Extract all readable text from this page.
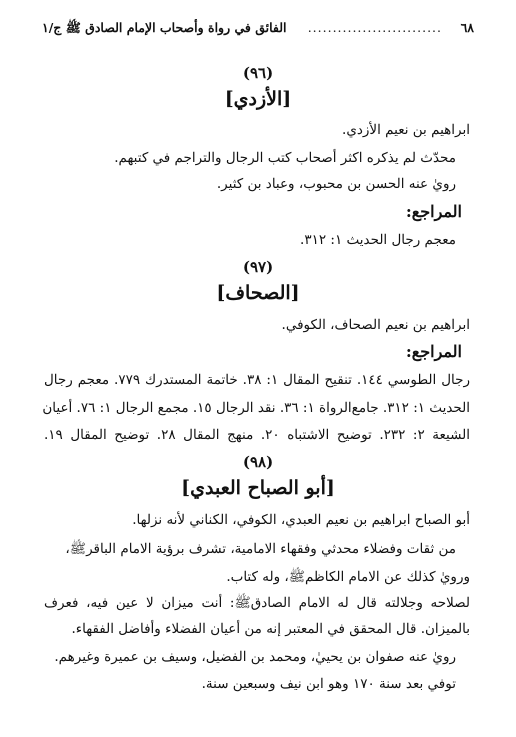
٦٨
...........................
الفائق في رواة وأصحاب الإمام الصادق ﷺ ج/١
(٩٦)
[الأزدي]
ابراهيم بن نعيم الأزدي.
محدّث لم يذكره اكثر أصحاب كتب الرجال والتراجم في كتبهم.
رويٰ عنه الحسن بن محبوب، وعباد بن كثير.
المراجع:
معجم رجال الحديث ١: ٣١٢.
(٩٧)
[الصحاف]
ابراهيم بن نعيم الصحاف، الكوفي.
المراجع:
رجال الطوسي ١٤٤. تنقيح المقال ١: ٣٨. خاتمة المستدرك ٧٧٩. معجم رجال
الحديث ١: ٣١٢. جامع‌الرواة ١: ٣٦. نقد الرجال ١٥. مجمع الرجال ١: ٧٦. أعيان
الشيعة ٢: ٢٣٢. توضيح الاشتباه ٢٠. منهج المقال ٢٨. توضيح المقال ١٩.
(٩٨)
[أبو الصباح العبدي]
أبو الصباح ابراهيم بن نعيم العبدي، الكوفي، الكناني لأنه نزلها.
من ثقات وفضلاء محدثي وفقهاء الامامية، تشرف برؤية الامام الباقرﷺ،
ورويٰ كذلك عن الامام الكاظمﷺ، وله كتاب.
لصلاحه وجلالته قال له الامام الصادقﷺ: أنت ميزان لا عين فيه، فعرف
بالميزان. قال المحقق في المعتبر إنه من أعيان الفضلاء وأفاضل الفقهاء.
رويٰ عنه صفوان بن يحييٰ، ومحمد بن الفضيل، وسيف بن عميرة وغيرهم.
توفي بعد سنة ١٧٠ وهو ابن نيف وسبعين سنة.
